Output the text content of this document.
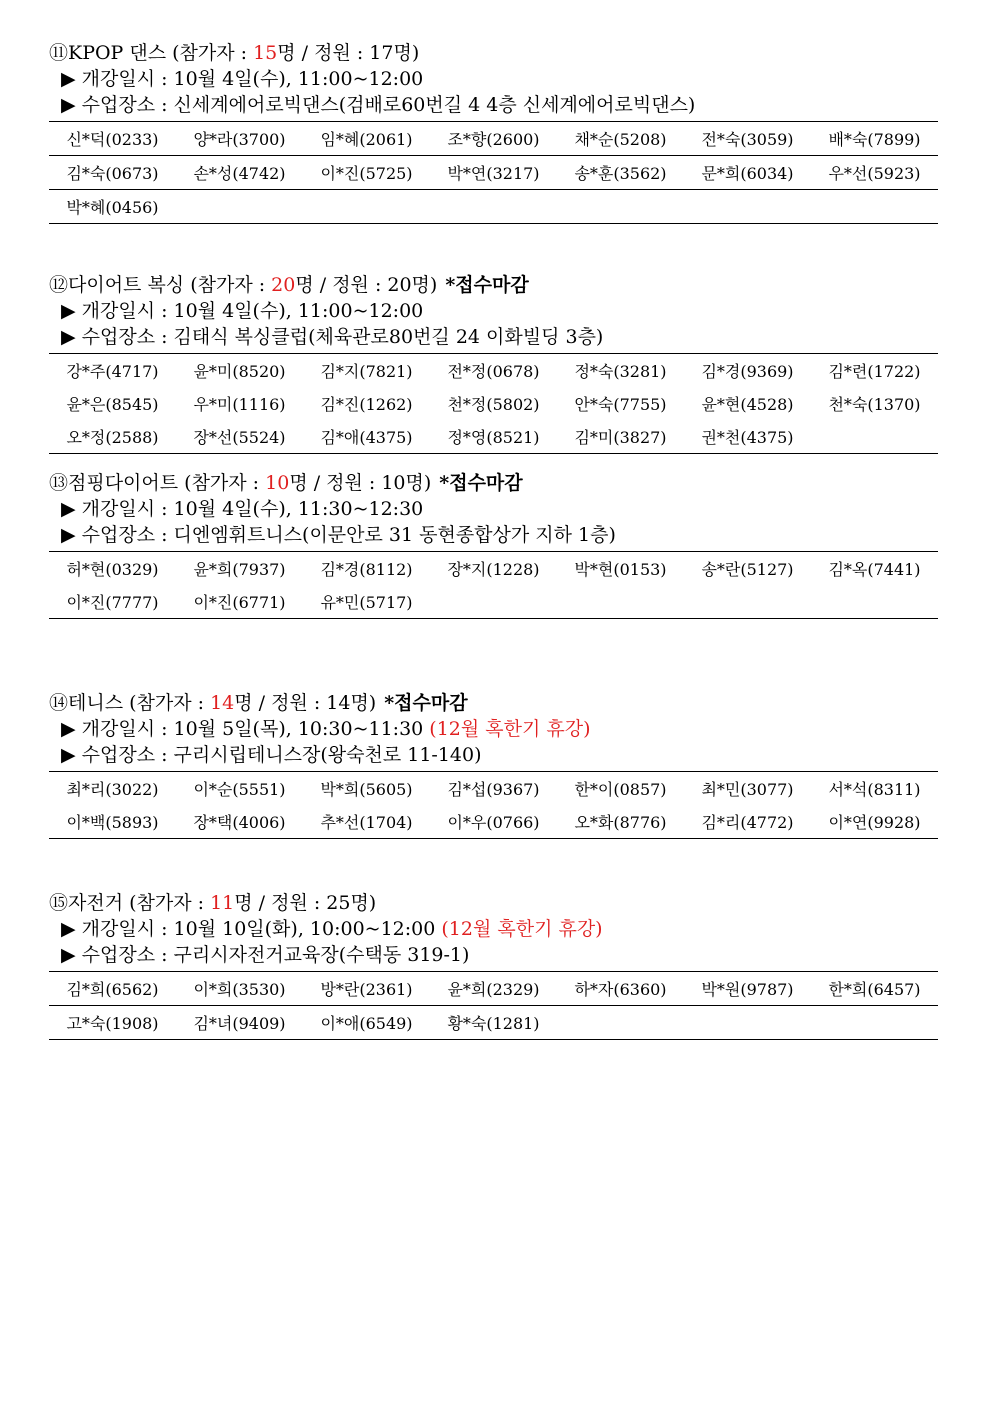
⑪KPOP 댄스 (참가자 : 15명 / 정원 : 17명)
▶ 개강일시 : 10월 4일(수), 11:00~12:00
▶ 수업장소 : 신세계에어로빅댄스(검배로60번길 4 4층 신세계에어로빅댄스)
신*덕(0233)	양*라(3700)	임*혜(2061)	조*향(2600)	채*순(5208)	전*숙(3059)	배*숙(7899)
김*숙(0673)	손*성(4742)	이*진(5725)	박*연(3217)	송*훈(3562)	문*희(6034)	우*선(5923)
박*혜(0456)
⑫다이어트 복싱 (참가자 : 20명 / 정원 : 20명) *접수마감
▶ 개강일시 : 10월 4일(수), 11:00~12:00
▶ 수업장소 : 김태식 복싱클럽(체육관로80번길 24 이화빌딩 3층)
강*주(4717)	윤*미(8520)	김*지(7821)	전*정(0678)	정*숙(3281)	김*경(9369)	김*련(1722)
윤*은(8545)	우*미(1116)	김*진(1262)	천*정(5802)	안*숙(7755)	윤*현(4528)	천*숙(1370)
오*정(2588)	장*선(5524)	김*애(4375)	정*영(8521)	김*미(3827)	권*천(4375)
⑬점핑다이어트 (참가자 : 10명 / 정원 : 10명) *접수마감
▶ 개강일시 : 10월 4일(수), 11:30~12:30
▶ 수업장소 : 디엔엠휘트니스(이문안로 31 동현종합상가 지하 1층)
허*현(0329)	윤*희(7937)	김*경(8112)	장*지(1228)	박*현(0153)	송*란(5127)	김*옥(7441)
이*진(7777)	이*진(6771)	유*민(5717)
⑭테니스 (참가자 : 14명 / 정원 : 14명) *접수마감
▶ 개강일시 : 10월 5일(목), 10:30~11:30 (12월 혹한기 휴강)
▶ 수업장소 : 구리시립테니스장(왕숙천로 11-140)
최*리(3022)	이*순(5551)	박*희(5605)	김*섭(9367)	한*이(0857)	최*민(3077)	서*석(8311)
이*백(5893)	장*택(4006)	추*선(1704)	이*우(0766)	오*화(8776)	김*리(4772)	이*연(9928)
⑮자전거 (참가자 : 11명 / 정원 : 25명)
▶ 개강일시 : 10월 10일(화), 10:00~12:00 (12월 혹한기 휴강)
▶ 수업장소 : 구리시자전거교육장(수택동 319-1)
김*희(6562)	이*희(3530)	방*란(2361)	윤*희(2329)	하*자(6360)	박*원(9787)	한*희(6457)
고*숙(1908)	김*녀(9409)	이*애(6549)	황*숙(1281)
